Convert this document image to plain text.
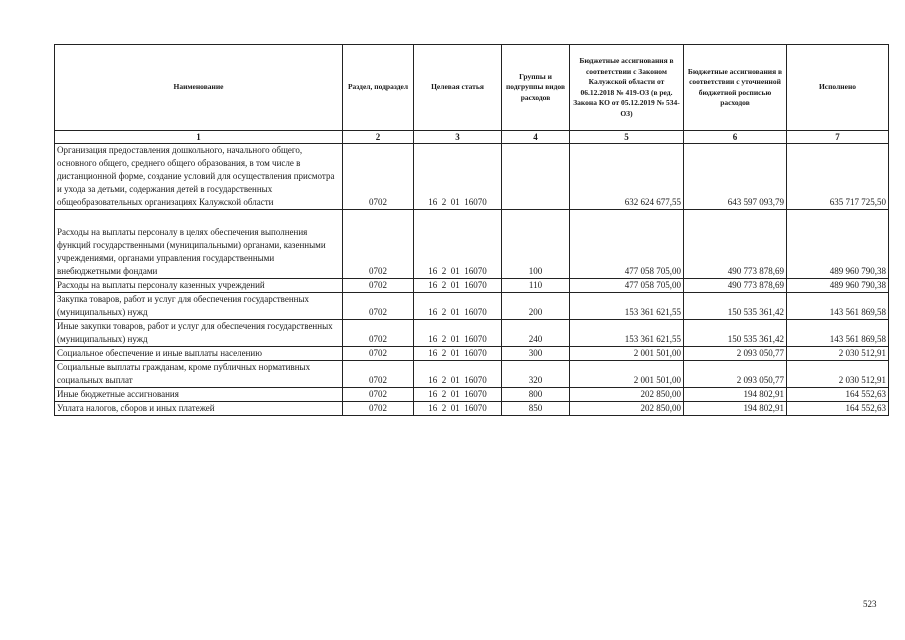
Наименование	Раздел, подраздел	Целевая статья	Группы и подгруппы видов расходов	Бюджетные ассигнования в соответствии с Законом Калужской области от 06.12.2018 № 419-ОЗ (в ред. Закона КО от 05.12.2019 № 534-ОЗ)	Бюджетные ассигнования в соответствии с уточненной бюджетной росписью расходов	Исполнено
1	2	3	4	5	6	7
Организация предоставления дошкольного, начального общего, основного общего, среднего общего образования, в том числе в дистанционной форме, создание условий для осуществления присмотра и ухода за детьми, содержания детей в государственных общеобразовательных организациях Калужской области	0702	16  2  01  16070		632 624 677,55	643 597 093,79	635 717 725,50
Расходы на выплаты персоналу в целях обеспечения выполнения функций государственными (муниципальными) органами, казенными учреждениями, органами управления государственными внебюджетными фондами	0702	16  2  01  16070	100	477 058 705,00	490 773 878,69	489 960 790,38
Расходы на выплаты персоналу казенных учреждений	0702	16  2  01  16070	110	477 058 705,00	490 773 878,69	489 960 790,38
Закупка товаров, работ и услуг для обеспечения государственных (муниципальных) нужд	0702	16  2  01  16070	200	153 361 621,55	150 535 361,42	143 561 869,58
Иные закупки товаров, работ и услуг для обеспечения государственных (муниципальных) нужд	0702	16  2  01  16070	240	153 361 621,55	150 535 361,42	143 561 869,58
Социальное обеспечение и иные выплаты населению	0702	16  2  01  16070	300	2 001 501,00	2 093 050,77	2 030 512,91
Социальные выплаты гражданам, кроме публичных нормативных социальных выплат	0702	16  2  01  16070	320	2 001 501,00	2 093 050,77	2 030 512,91
Иные бюджетные ассигнования	0702	16  2  01  16070	800	202 850,00	194 802,91	164 552,63
Уплата налогов, сборов и иных платежей	0702	16  2  01  16070	850	202 850,00	194 802,91	164 552,63
523
